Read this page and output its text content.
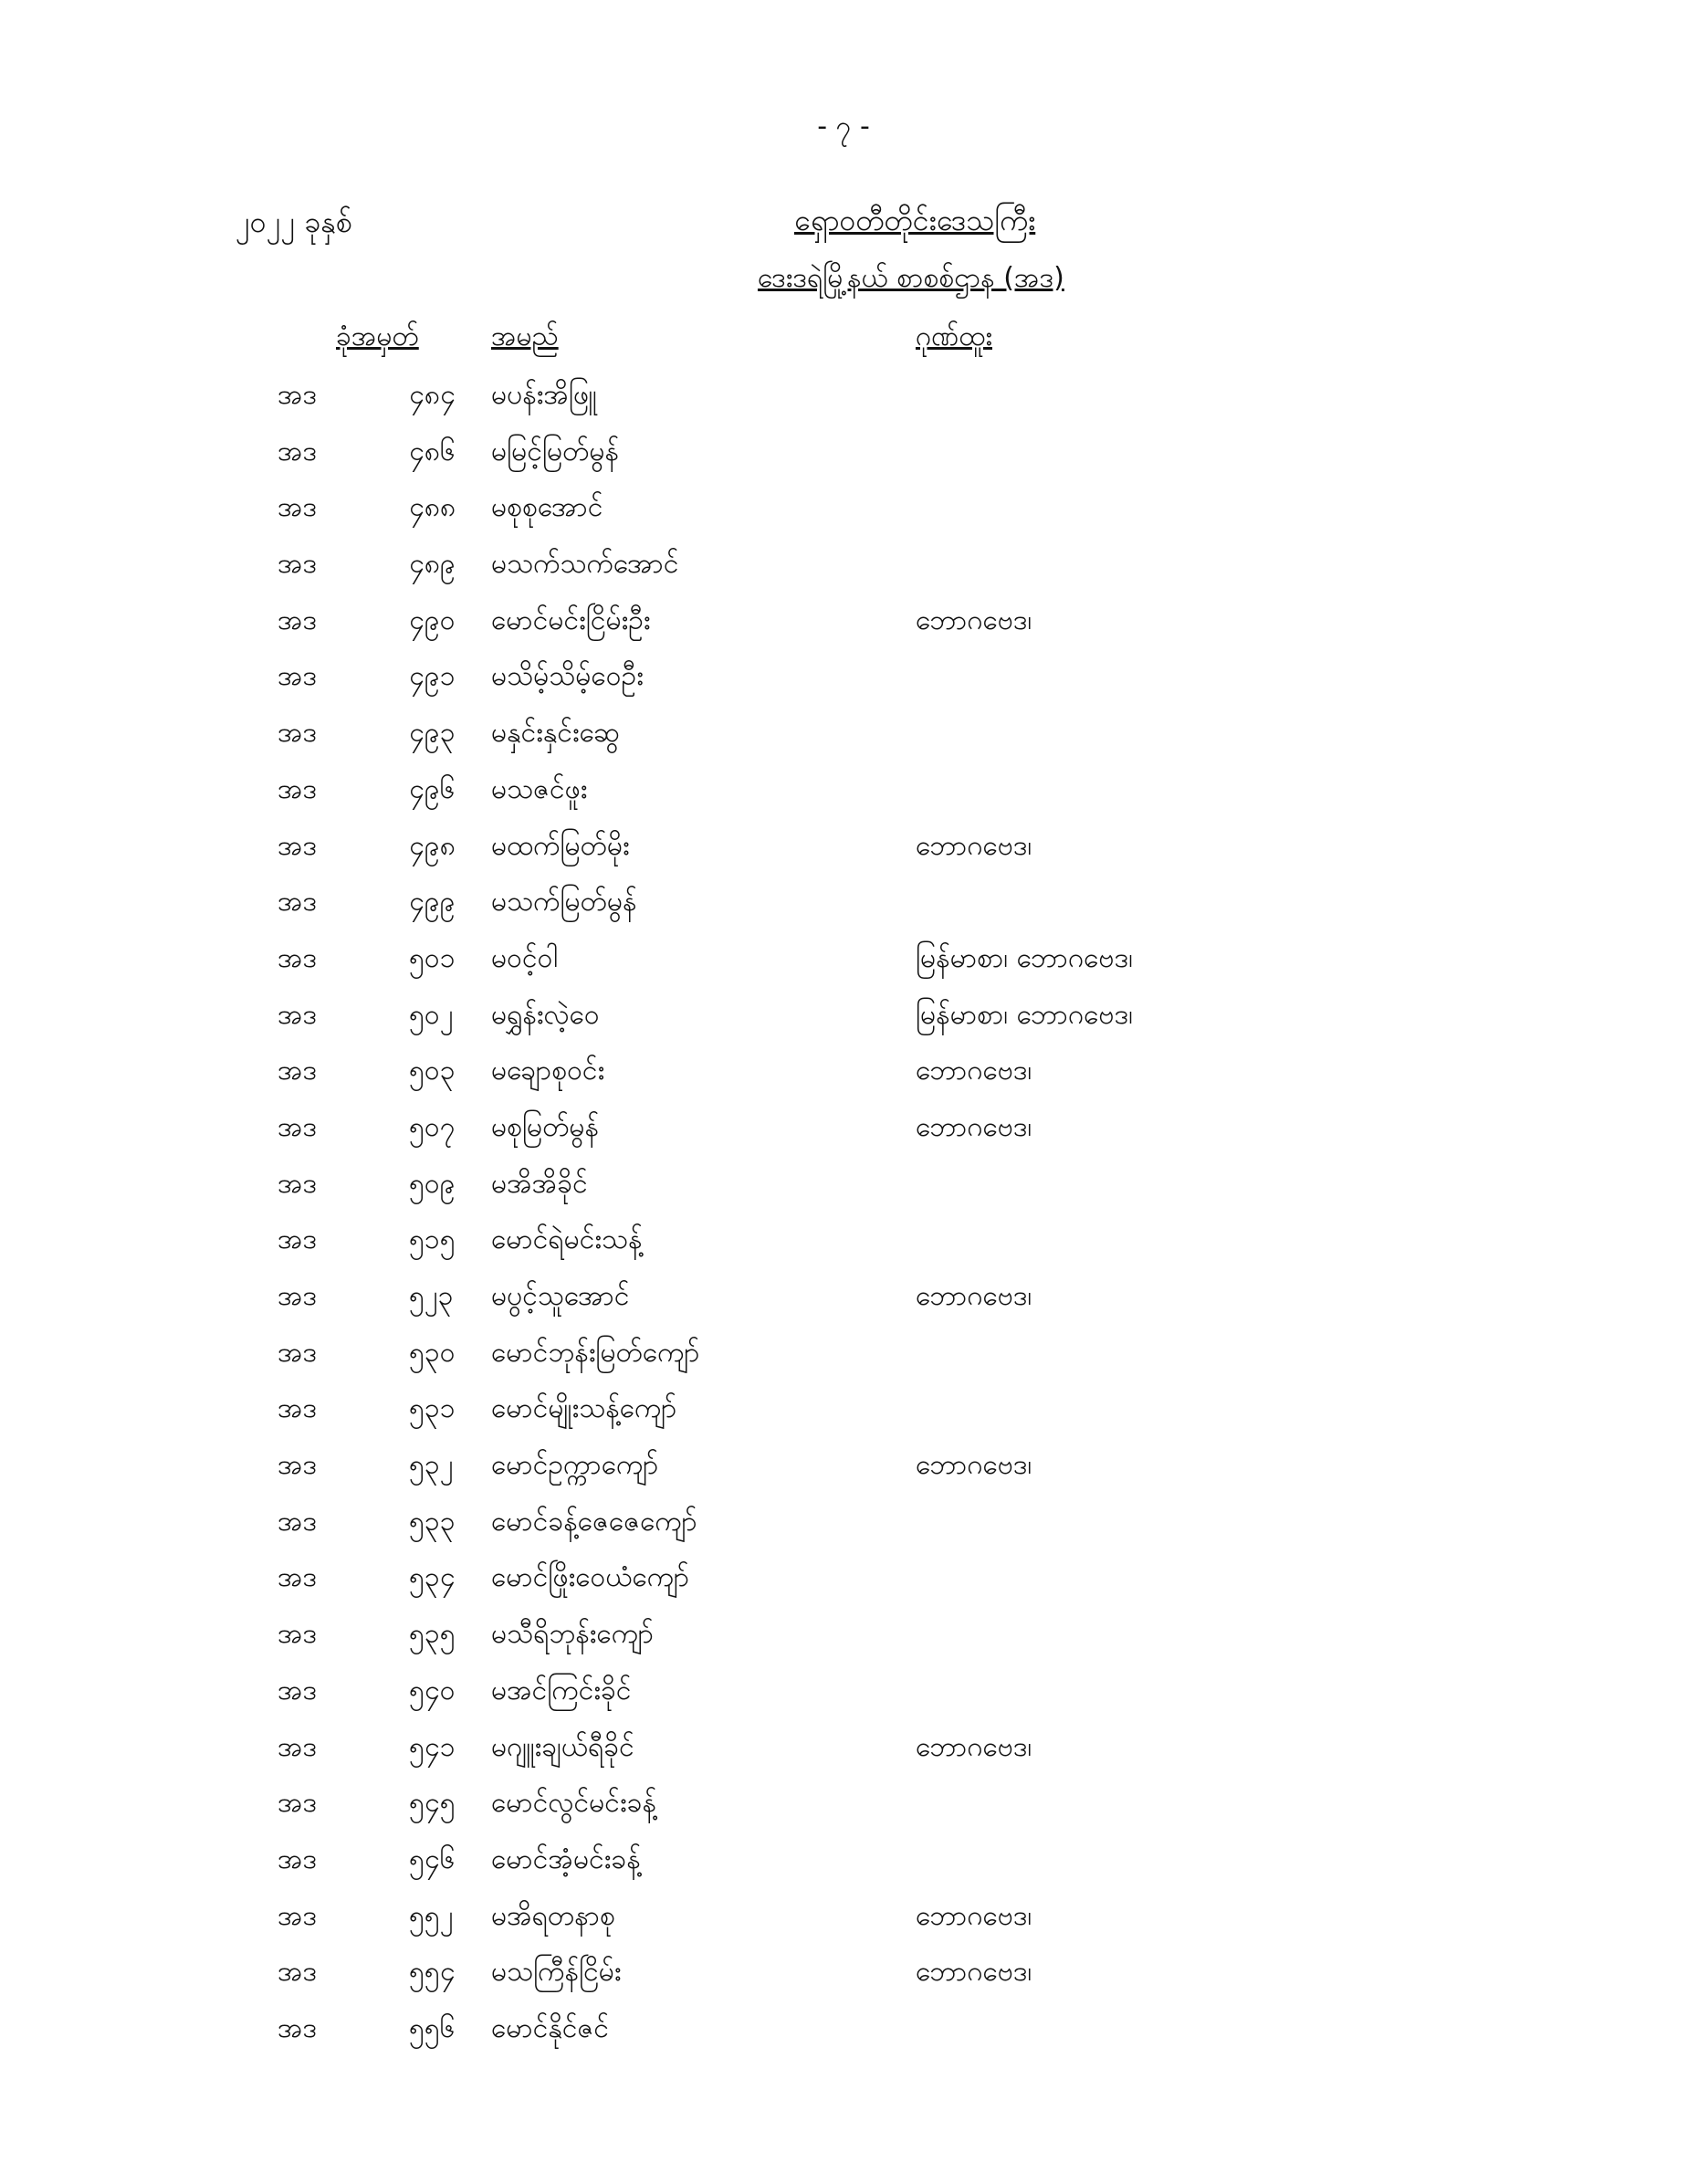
- ၇ -
၂၀၂၂ ခုနှစ်	ရှောဝတီတိုင်းဒေသကြီး
ဒေးဒရဲမြို့နယ် စာစစ်ဌာန (အဒ)
ခုံအမှတ်	အမည်	ဂုဏ်ထူး
အဒ	၄၈၄ မပန်းအိဖြူ
အဒ	၄၈၆ မမြင့်မြတ်မွန်
အဒ	၄၈၈ မစုစုအောင်
အဒ	၄၈၉ မသက်သက်အောင်
အဒ	၄၉၀ မောင်မင်းငြိမ်းဦး	ဘောဂဗေဒ၊
အဒ	၄၉၁ မသိမ့်သိမ့်ဝေဦး
အဒ	၄၉၃ မနှင်းနှင်းဆွေ
အဒ	၄၉၆ မသဇင်ဖူး
အဒ	၄၉၈ မထက်မြတ်မိုး	ဘောဂဗေဒ၊
အဒ	၄၉၉ မသက်မြတ်မွန်
အဒ	၅၀၁ မဝင့်ဝါ	မြန်မာစာ၊ ဘောဂဗေဒ၊
အဒ	၅၀၂ မရွှန်းလဲ့ဝေ	မြန်မာစာ၊ ဘောဂဗေဒ၊
အဒ	၅၀၃ မချောစုဝင်း	ဘောဂဗေဒ၊
အဒ	၅၀၇ မစုမြတ်မွန်	ဘောဂဗေဒ၊
အဒ	၅၀၉ မအိအိခိုင်
အဒ	၅၁၅ မောင်ရဲမင်းသန့်
အဒ	၅၂၃ မပွင့်သူအောင်	ဘောဂဗေဒ၊
အဒ	၅၃၀ မောင်ဘုန်းမြတ်ကျော်
အဒ	၅၃၁ မောင်မျိုးသန့်ကျော်
အဒ	၅၃၂ မောင်ဥက္ကာကျော်	ဘောဂဗေဒ၊
အဒ	၅၃၃ မောင်ခန့်ဇေဇေကျော်
အဒ	၅၃၄ မောင်ဖြိုးဝေယံကျော်
အဒ	၅၃၅ မသီရိဘုန်းကျော်
အဒ	၅၄၀ မအင်ကြင်းခိုင်
အဒ	၅၄၁ မဂျူးချယ်ရီခိုင်	ဘောဂဗေဒ၊
အဒ	၅၄၅ မောင်လွင်မင်းခန့်
အဒ	၅၄၆ မောင်အံ့မင်းခန့်
အဒ	၅၅၂ မအိရတနာစု	ဘောဂဗေဒ၊
အဒ	၅၅၄ မသကြီန်ငြိမ်း	ဘောဂဗေဒ၊
အဒ	၅၅၆ မောင်နိုင်ဇင်
